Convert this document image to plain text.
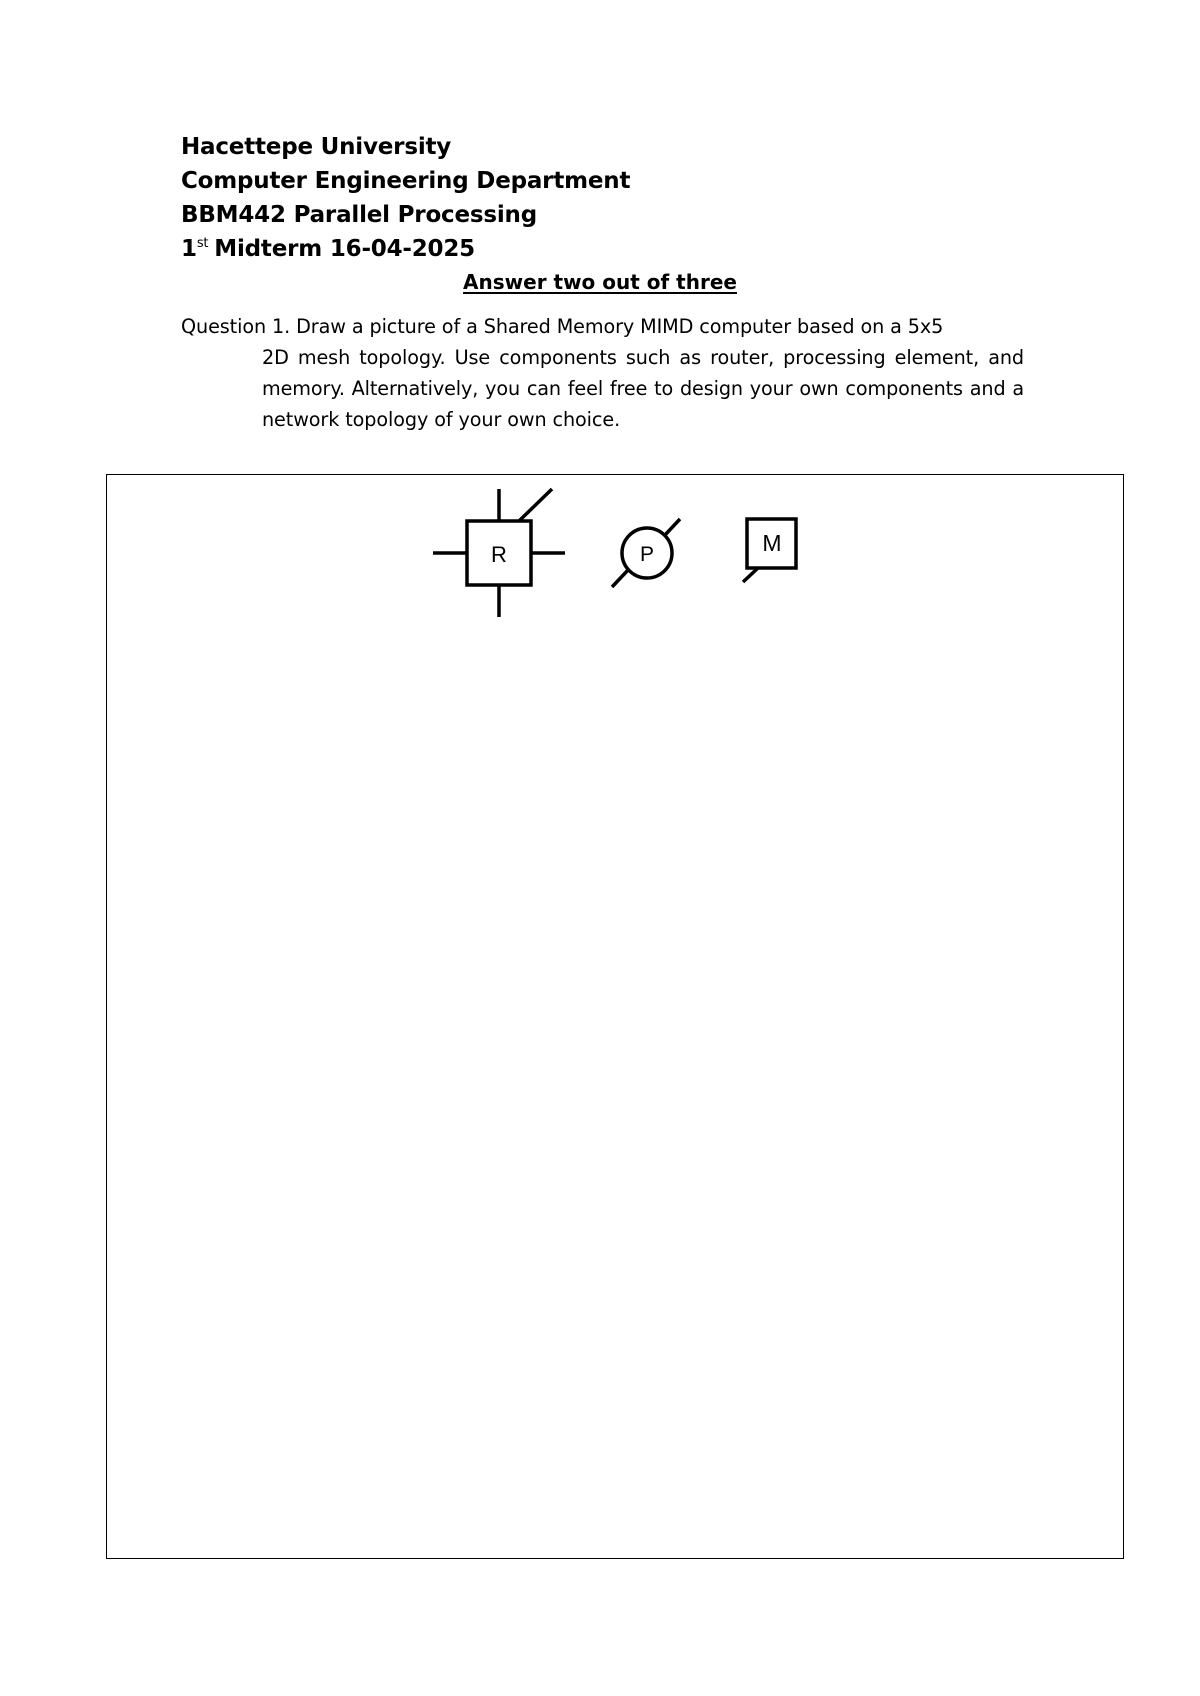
Hacettepe University
Computer Engineering Department
BBM442 Parallel Processing
1st Midterm 16-04-2025
Answer two out of three
Question 1. Draw a picture of a Shared Memory MIMD computer based on a 5x5
2D mesh topology. Use components such as router, processing element, and memory. Alternatively, you can feel free to design your own components and a network topology of your own choice.
R	P	M
